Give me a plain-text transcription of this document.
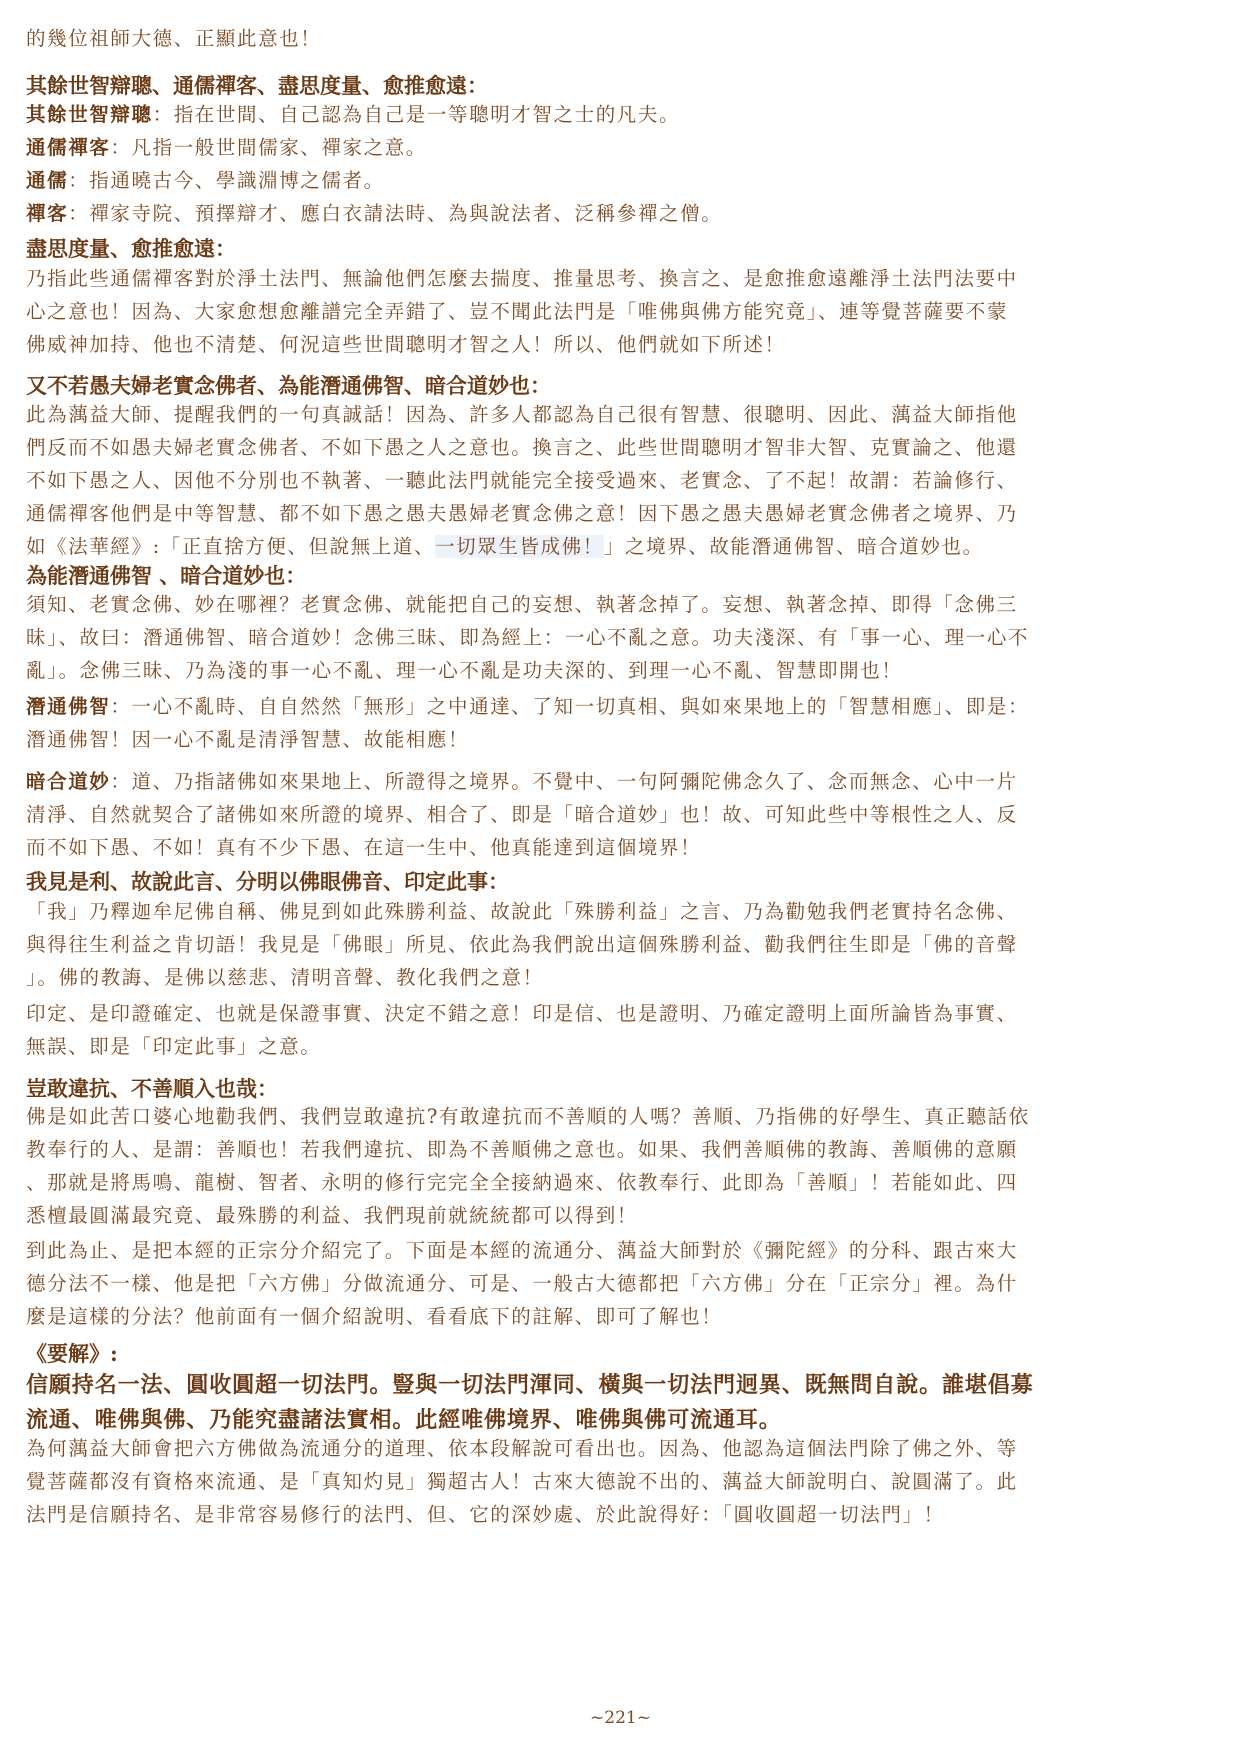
的幾位祖師大德、正顯此意也！

其餘世智辯聰、通儒禪客、盡思度量、愈推愈遠：

其餘世智辯聰：指在世間、自己認為自己是一等聰明才智之士的凡夫。
通儒禪客：凡指一般世間儒家、禪家之意。
通儒：指通曉古今、學識淵博之儒者。
禪客：禪家寺院、預擇辯才、應白衣請法時、為與說法者、泛稱參禪之僧。

盡思度量、愈推愈遠：

乃指此些通儒禪客對於淨土法門、無論他們怎麼去揣度、推量思考、換言之、是愈推愈遠離淨土法門法要中
心之意也！因為、大家愈想愈離譜完全弄錯了、豈不聞此法門是「唯佛與佛方能究竟」、連等覺菩薩要不蒙
佛威神加持、他也不清楚、何況這些世間聰明才智之人！所以、他們就如下所述！

又不若愚夫婦老實念佛者、為能潛通佛智、暗合道妙也：

此為蕅益大師、提醒我們的一句真誠話！因為、許多人都認為自己很有智慧、很聰明、因此、蕅益大師指他
們反而不如愚夫婦老實念佛者、不如下愚之人之意也。換言之、此些世間聰明才智非大智、克實論之、他還
不如下愚之人、因他不分別也不執著、一聽此法門就能完全接受過來、老實念、了不起！故謂：若論修行、
通儒禪客他們是中等智慧、都不如下愚之愚夫愚婦老實念佛之意！因下愚之愚夫愚婦老實念佛者之境界、乃
如《法華經》:「正直捨方便、但說無上道、一切眾生皆成佛！」之境界、故能潛通佛智、暗合道妙也。

為能潛通佛智 、暗合道妙也：

須知、老實念佛、妙在哪裡？老實念佛、就能把自己的妄想、執著念掉了。妄想、執著念掉、即得「念佛三
昧」、故曰：潛通佛智、暗合道妙！念佛三昧、即為經上：一心不亂之意。功夫淺深、有「事一心、理一心不
亂」。念佛三昧、乃為淺的事一心不亂、理一心不亂是功夫深的、到理一心不亂、智慧即開也！
潛通佛智：一心不亂時、自自然然「無形」之中通達、了知一切真相、與如來果地上的「智慧相應」、即是：
潛通佛智！因一心不亂是清淨智慧、故能相應！
暗合道妙：道、乃指諸佛如來果地上、所證得之境界。不覺中、一句阿彌陀佛念久了、念而無念、心中一片
清淨、自然就契合了諸佛如來所證的境界、相合了、即是「暗合道妙」也！故、可知此些中等根性之人、反
而不如下愚、不如！真有不少下愚、在這一生中、他真能達到這個境界！

我見是利、故說此言、分明以佛眼佛音、印定此事：

「我」乃釋迦牟尼佛自稱、佛見到如此殊勝利益、故說此「殊勝利益」之言、乃為勸勉我們老實持名念佛、
與得往生利益之肯切語！我見是「佛眼」所見、依此為我們說出這個殊勝利益、勸我們往生即是「佛的音聲
」。佛的教誨、是佛以慈悲、清明音聲、教化我們之意！
印定、是印證確定、也就是保證事實、決定不錯之意！印是信、也是證明、乃確定證明上面所論皆為事實、
無誤、即是「印定此事」之意。

豈敢違抗、不善順入也哉：

佛是如此苦口婆心地勸我們、我們豈敢違抗?有敢違抗而不善順的人嗎？善順、乃指佛的好學生、真正聽話依
教奉行的人、是謂：善順也！若我們違抗、即為不善順佛之意也。如果、我們善順佛的教誨、善順佛的意願
、那就是將馬鳴、龍樹、智者、永明的修行完完全全接納過來、依教奉行、此即為「善順」！若能如此、四
悉檀最圓滿最究竟、最殊勝的利益、我們現前就統統都可以得到！
到此為止、是把本經的正宗分介紹完了。下面是本經的流通分、蕅益大師對於《彌陀經》的分科、跟古來大
德分法不一樣、他是把「六方佛」分做流通分、可是、一般古大德都把「六方佛」分在「正宗分」裡。為什
麼是這樣的分法？他前面有一個介紹說明、看看底下的註解、即可了解也！

《要解》:

信願持名一法、圓收圓超一切法門。豎與一切法門渾同、橫與一切法門迥異、既無問自說。誰堪倡募

流通、唯佛與佛、乃能究盡諸法實相。此經唯佛境界、唯佛與佛可流通耳。

為何蕅益大師會把六方佛做為流通分的道理、依本段解說可看出也。因為、他認為這個法門除了佛之外、等
覺菩薩都沒有資格來流通、是「真知灼見」獨超古人！古來大德說不出的、蕅益大師說明白、說圓滿了。此
法門是信願持名、是非常容易修行的法門、但、它的深妙處、於此說得好：「圓收圓超一切法門」！
~221~
